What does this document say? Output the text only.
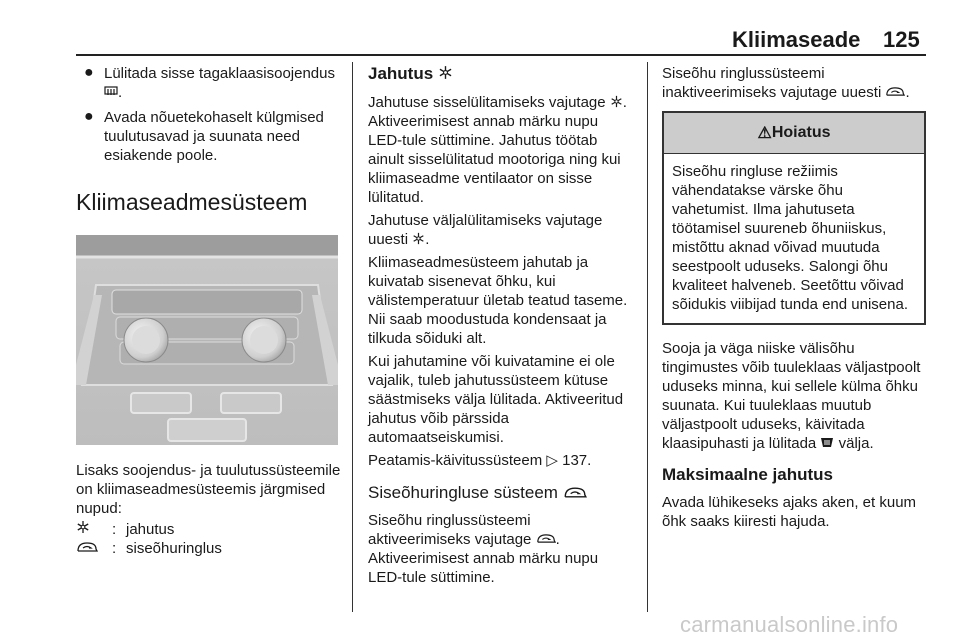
Kliimaseade 125
● Lülitada sisse tagaklaasisoojendus .

● Avada nõuetekohaselt külgmised tuulutusavad ja suunata need esiakende poole.

Kliimaseadmesüsteem

Lisaks soojendus- ja tuulutussüsteemile on kliimaseadmesüsteemis järgmised nupud:

: jahutus
: siseõhuringlus
Jahutus

Jahutuse sisselülitamiseks vajutage . Aktiveerimisest annab märku nupu LED-tule süttimine. Jahutus töötab ainult sisselülitatud mootoriga ning kui kliimaseadme ventilaator on sisse lülitatud.

Jahutuse väljalülitamiseks vajutage uuesti .

Kliimaseadmesüsteem jahutab ja kuivatab sisenevat õhku, kui välistemperatuur ületab teatud taseme. Nii saab moodustuda kondensaat ja tilkuda sõiduki alt.

Kui jahutamine või kuivatamine ei ole vajalik, tuleb jahutussüsteem kütuse säästmiseks välja lülitada. Aktiveeritud jahutus võib pärssida automaatseiskumisi.

Peatamis-käivitussüsteem ▷ 137.

Siseõhuringluse süsteem

Siseõhu ringlussüsteemi aktiveerimiseks vajutage . Aktiveerimisest annab märku nupu LED-tule süttimine.

Siseõhu ringlussüsteemi inaktiveerimiseks vajutage uuesti .

⚠ Hoiatus

Siseõhu ringluse režiimis vähendatakse värske õhu vahetumist. Ilma jahutuseta töötamisel suureneb õhuniiskus, mistõttu aknad võivad muutuda seestpoolt uduseks. Salongi õhu kvaliteet halveneb. Seetõttu võivad sõidukis viibijad tunda end unisena.

Sooja ja väga niiske välisõhu tingimustes võib tuuleklaas väljastpoolt uduseks minna, kui sellele külma õhku suunata. Kui tuuleklaas muutub väljastpoolt uduseks, käivitada klaasipuhasti ja lülitada välja.

Maksimaalne jahutus

Avada lühikeseks ajaks aken, et kuum õhk saaks kiiresti hajuda.

carmanualsonline.info
